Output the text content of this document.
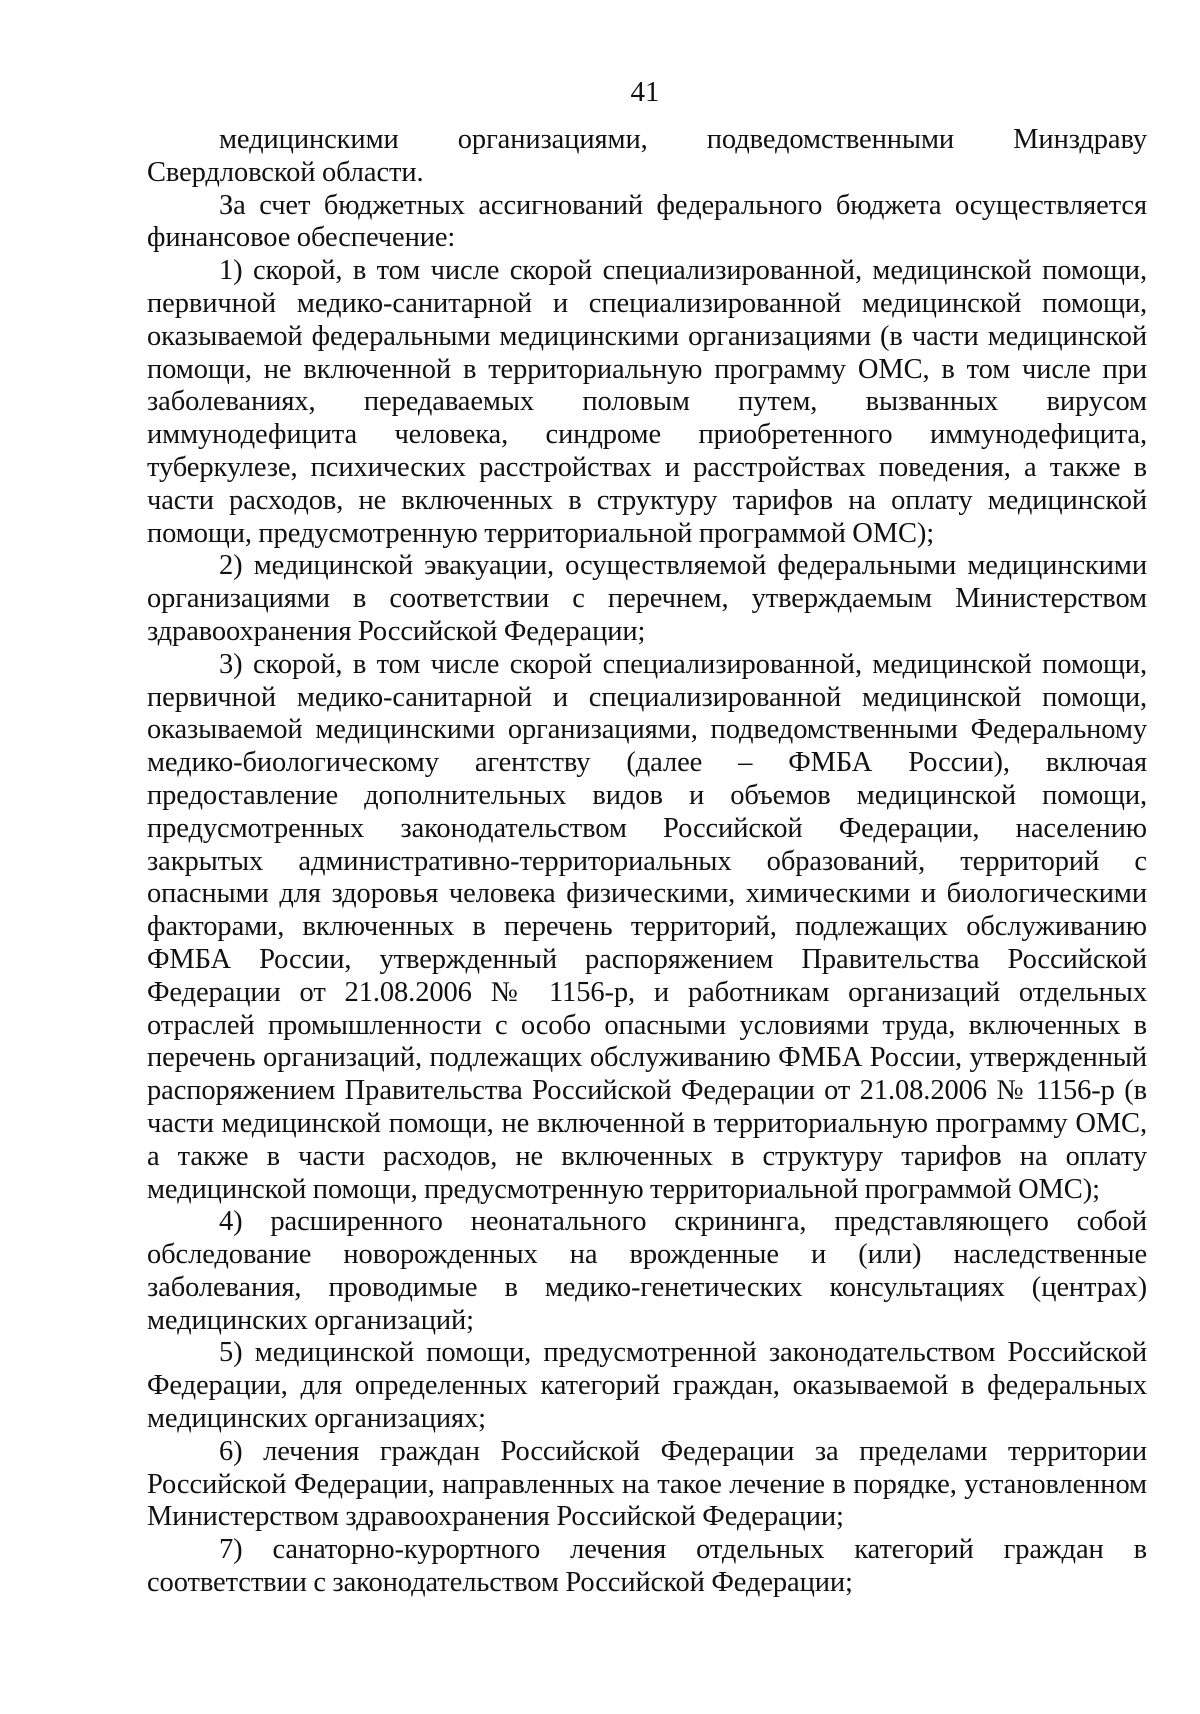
41

медицинскими организациями, подведомственными Минздраву Свердловской области.

За счет бюджетных ассигнований федерального бюджета осуществляется финансовое обеспечение:

1) скорой, в том числе скорой специализированной, медицинской помощи, первичной медико-санитарной и специализированной медицинской помощи, оказываемой федеральными медицинскими организациями (в части медицинской помощи, не включенной в территориальную программу ОМС, в том числе при заболеваниях, передаваемых половым путем, вызванных вирусом иммунодефицита человека, синдроме приобретенного иммунодефицита, туберкулезе, психических расстройствах и расстройствах поведения, а также в части расходов, не включенных в структуру тарифов на оплату медицинской помощи, предусмотренную территориальной программой ОМС);

2) медицинской эвакуации, осуществляемой федеральными медицинскими организациями в соответствии с перечнем, утверждаемым Министерством здравоохранения Российской Федерации;

3) скорой, в том числе скорой специализированной, медицинской помощи, первичной медико-санитарной и специализированной медицинской помощи, оказываемой медицинскими организациями, подведомственными Федеральному медико-биологическому агентству (далее – ФМБА России), включая предоставление дополнительных видов и объемов медицинской помощи, предусмотренных законодательством Российской Федерации, населению закрытых административно-территориальных образований, территорий с опасными для здоровья человека физическими, химическими и биологическими факторами, включенных в перечень территорий, подлежащих обслуживанию ФМБА России, утвержденный распоряжением Правительства Российской Федерации от 21.08.2006 № 1156-р, и работникам организаций отдельных отраслей промышленности с особо опасными условиями труда, включенных в перечень организаций, подлежащих обслуживанию ФМБА России, утвержденный распоряжением Правительства Российской Федерации от 21.08.2006 № 1156-р (в части медицинской помощи, не включенной в территориальную программу ОМС, а также в части расходов, не включенных в структуру тарифов на оплату медицинской помощи, предусмотренную территориальной программой ОМС);

4) расширенного неонатального скрининга, представляющего собой обследование новорожденных на врожденные и (или) наследственные заболевания, проводимые в медико-генетических консультациях (центрах) медицинских организаций;

5) медицинской помощи, предусмотренной законодательством Российской Федерации, для определенных категорий граждан, оказываемой в федеральных медицинских организациях;

6) лечения граждан Российской Федерации за пределами территории Российской Федерации, направленных на такое лечение в порядке, установленном Министерством здравоохранения Российской Федерации;

7) санаторно-курортного лечения отдельных категорий граждан в соответствии с законодательством Российской Федерации;
